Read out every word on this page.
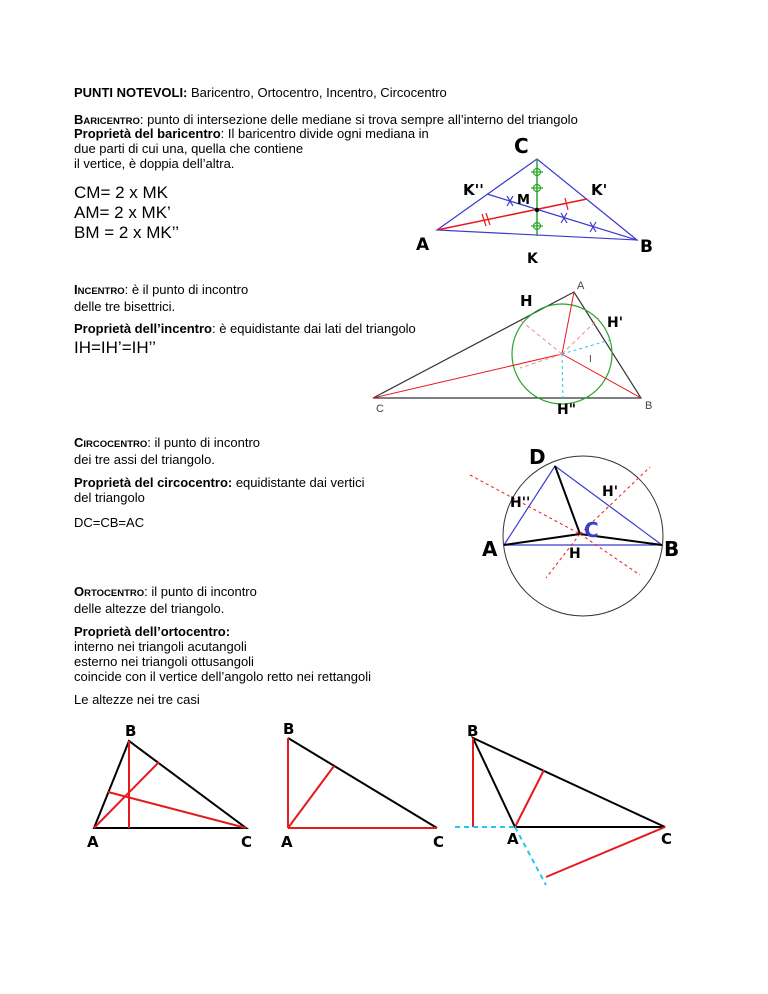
PUNTI NOTEVOLI: Baricentro, Ortocentro, Incentro, Circocentro
BARICENTRO: punto di intersezione delle mediane si trova sempre all’interno del triangolo
Proprietà del baricentro: Il baricentro divide ogni mediana in
due parti di cui una, quella che contiene
il vertice, è doppia dell’altra.
CM= 2 x MK
AM= 2 x MK’
BM = 2 x MK’’
C
K''
M
K'
A	B
K
INCENTRO: è il punto di incontro
delle tre bisettrici.
Proprietà dell’incentro: è equidistante dai lati del triangolo
IH=IH’=IH’’
A
H
H'
I
C	H"	B
CIRCOCENTRO: il punto di incontro
dei tre assi del triangolo.
Proprietà del circocentro: equidistante dai vertici
del triangolo
DC=CB=AC
D
H'
H''
C
A	B
H
ORTOCENTRO: il punto di incontro
delle altezze del triangolo.
Proprietà dell’ortocentro:
interno nei triangoli acutangoli
esterno nei triangoli ottusangoli
coincide con il vertice dell’angolo retto nei rettangoli
Le altezze nei tre casi
B
A	C
B
A	C
B
A	C
